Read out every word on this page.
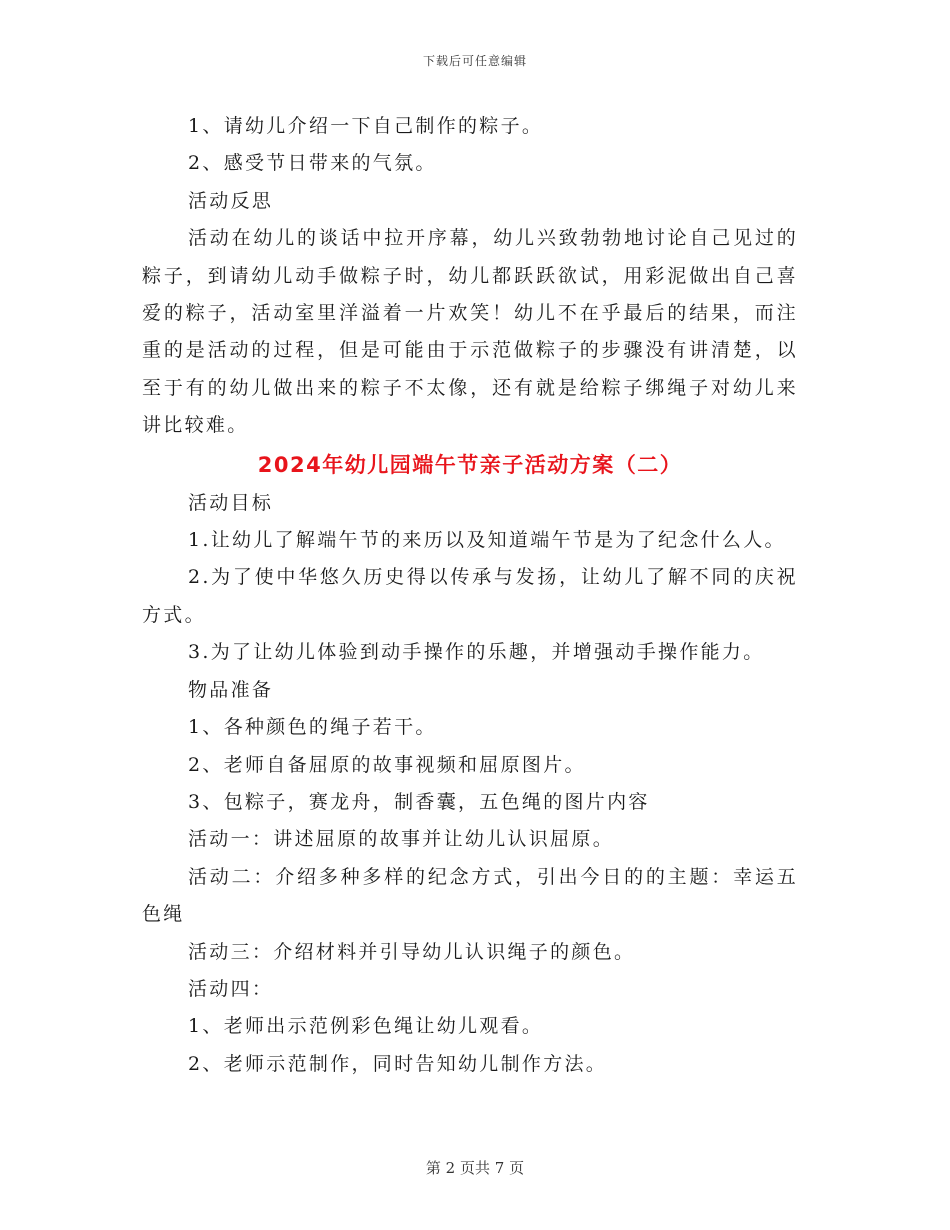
下载后可任意编辑

1、请幼儿介绍一下自己制作的粽子。

2、感受节日带来的气氛。

活动反思

活动在幼儿的谈话中拉开序幕，幼儿兴致勃勃地讨论自己见过的粽子，到请幼儿动手做粽子时，幼儿都跃跃欲试，用彩泥做出自己喜爱的粽子，活动室里洋溢着一片欢笑！幼儿不在乎最后的结果，而注重的是活动的过程，但是可能由于示范做粽子的步骤没有讲清楚，以至于有的幼儿做出来的粽子不太像，还有就是给粽子绑绳子对幼儿来讲比较难。

2024年幼儿园端午节亲子活动方案（二）

活动目标

1.让幼儿了解端午节的来历以及知道端午节是为了纪念什么人。

2.为了使中华悠久历史得以传承与发扬，让幼儿了解不同的庆祝方式。

3.为了让幼儿体验到动手操作的乐趣，并增强动手操作能力。

物品准备

1、各种颜色的绳子若干。

2、老师自备屈原的故事视频和屈原图片。

3、包粽子，赛龙舟，制香囊，五色绳的图片内容

活动一：讲述屈原的故事并让幼儿认识屈原。

活动二：介绍多种多样的纪念方式，引出今日的的主题：幸运五色绳

活动三：介绍材料并引导幼儿认识绳子的颜色。

活动四：

1、老师出示范例彩色绳让幼儿观看。

2、老师示范制作，同时告知幼儿制作方法。

第 2 页共 7 页
